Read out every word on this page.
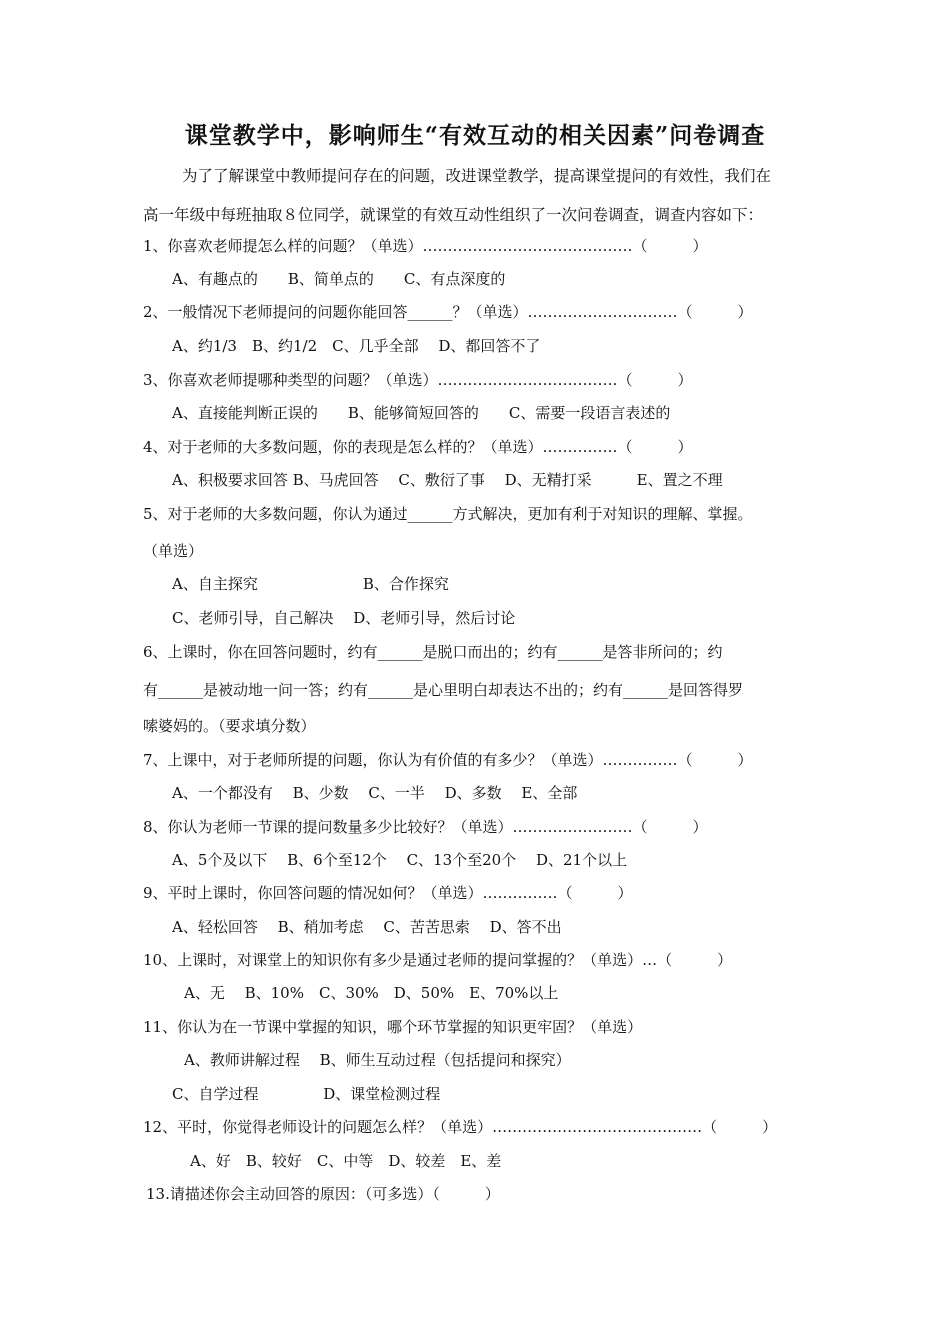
课堂教学中，影响师生“有效互动的相关因素”问卷调查
为了了解课堂中教师提问存在的问题，改进课堂教学，提高课堂提问的有效性，我们在
高一年级中每班抽取８位同学，就课堂的有效互动性组织了一次问卷调查，调查内容如下：
1、你喜欢老师提怎么样的问题？（单选）……………………………………（　　　）
A、有趣点的　　B、简单点的　　C、有点深度的
2、一般情况下老师提问的问题你能回答______？（单选）…………………………（　　　）
A、约1/3　B、约1/2　C、几乎全部　 D、都回答不了
3、你喜欢老师提哪种类型的问题？（单选）………………………………（　　　）
A、直接能判断正误的　　B、能够简短回答的　　C、需要一段语言表述的
4、对于老师的大多数问题，你的表现是怎么样的？（单选）……………（　　　）
A、积极要求回答 B、马虎回答　 C、敷衍了事　 D、无精打采　　　E、置之不理
5、对于老师的大多数问题，你认为通过______方式解决，更加有利于对知识的理解、掌握。
（单选）
A、自主探究　　　　　　　B、合作探究
C、老师引导，自己解决　 D、老师引导，然后讨论
6、上课时，你在回答问题时，约有______是脱口而出的；约有______是答非所问的；约
有______是被动地一问一答；约有______是心里明白却表达不出的；约有______是回答得罗
嗦婆妈的。（要求填分数）
7、上课中，对于老师所提的问题，你认为有价值的有多少？（单选）……………（　　　）
A、一个都没有　 B、少数　 C、一半　 D、多数　 E、全部
8、你认为老师一节课的提问数量多少比较好？（单选）……………………（　　　）
A、5个及以下　 B、6个至12个　 C、13个至20个　 D、21个以上
9、平时上课时，你回答问题的情况如何？（单选）……………（　　　）
A、轻松回答　 B、稍加考虑　 C、苦苦思索　 D、答不出
10、上课时，对课堂上的知识你有多少是通过老师的提问掌握的？（单选）…（　　　）
A、无　 B、10%　C、30%　D、50%　E、70%以上
11、你认为在一节课中掌握的知识，哪个环节掌握的知识更牢固？（单选）
A、教师讲解过程　 B、师生互动过程（包括提问和探究）
C、自学过程　　　　 D、课堂检测过程
12、平时，你觉得老师设计的问题怎么样？（单选）……………………………………（　　　）
A、好　B、较好　C、中等　D、较差　E、差
13.请描述你会主动回答的原因：（可多选）（　　　）
